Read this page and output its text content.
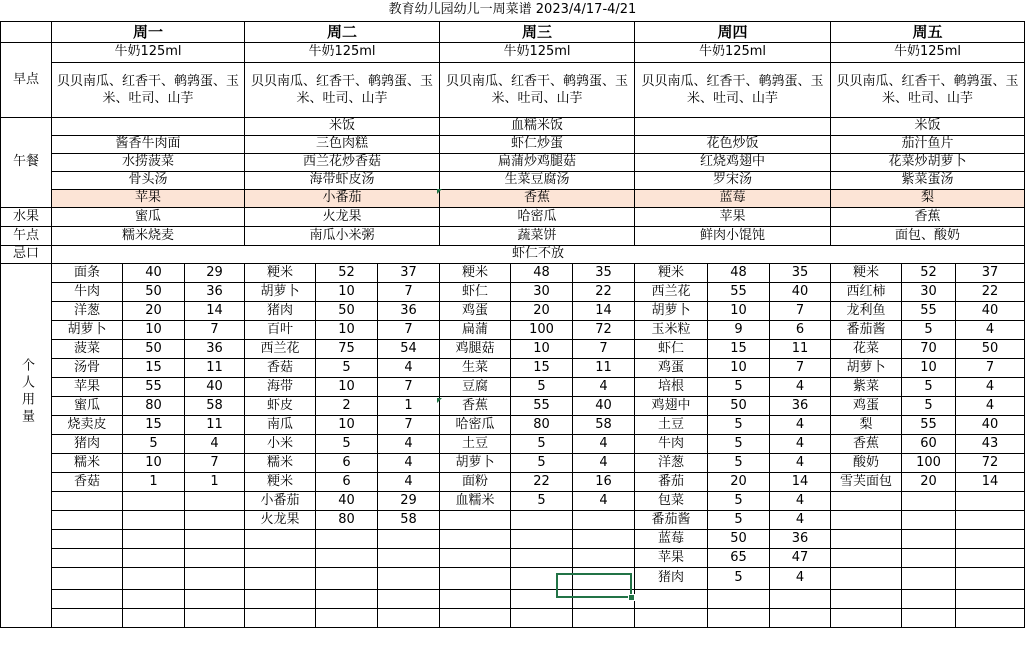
教育幼儿园幼儿一周菜谱 2023/4/17-4/21															
	周一			周二			周三			周四			周五		
早点	牛奶125ml			牛奶125ml			牛奶125ml			牛奶125ml			牛奶125ml		
	贝贝南瓜、红香干、鹌鹑蛋、玉米、吐司、山芋			贝贝南瓜、红香干、鹌鹑蛋、玉米、吐司、山芋			贝贝南瓜、红香干、鹌鹑蛋、玉米、吐司、山芋			贝贝南瓜、红香干、鹌鹑蛋、玉米、吐司、山芋			贝贝南瓜、红香干、鹌鹑蛋、玉米、吐司、山芋		
午餐				米饭			血糯米饭						米饭		
	酱香牛肉面			三色肉糕			虾仁炒蛋			花色炒饭			茄汁鱼片		
	水捞菠菜			西兰花炒香菇			扁蒲炒鸡腿菇			红烧鸡翅中			花菜炒胡萝卜		
	骨头汤			海带虾皮汤			生菜豆腐汤			罗宋汤			紫菜蛋汤		
	苹果			小番茄			香蕉			蓝莓			梨		
水果	蜜瓜			火龙果			哈密瓜			苹果			香蕉		
午点	糯米烧麦			南瓜小米粥			蔬菜饼			鲜肉小馄饨			面包、酸奶		
忌口	虾仁不放														

个人用量	面条	40	29	粳米	52	37	粳米	48	35	粳米	48	35	粳米	52	37
	牛肉	50	36	胡萝卜	10	7	虾仁	30	22	西兰花	55	40	西红柿	30	22
	洋葱	20	14	猪肉	50	36	鸡蛋	20	14	胡萝卜	10	7	龙利鱼	55	40
	胡萝卜	10	7	百叶	10	7	扁蒲	100	72	玉米粒	9	6	番茄酱	5	4
	菠菜	50	36	西兰花	75	54	鸡腿菇	10	7	虾仁	15	11	花菜	70	50
	汤骨	15	11	香菇	5	4	生菜	15	11	鸡蛋	10	7	胡萝卜	10	7
	苹果	55	40	海带	10	7	豆腐	5	4	培根	5	4	紫菜	5	4
	蜜瓜	80	58	虾皮	2	1	香蕉	55	40	鸡翅中	50	36	鸡蛋	5	4
	烧卖皮	15	11	南瓜	10	7	哈密瓜	80	58	土豆	5	4	梨	55	40
	猪肉	5	4	小米	5	4	土豆	5	4	牛肉	5	4	香蕉	60	43
	糯米	10	7	糯米	6	4	胡萝卜	5	4	洋葱	5	4	酸奶	100	72
	香菇	1	1	粳米	6	4	面粉	22	16	番茄	20	14	雪芙面包	20	14
				小番茄	40	29	血糯米	5	4	包菜	5	4			
				火龙果	80	58				番茄酱	5	4			
										蓝莓	50	36			
										苹果	65	47			
										猪肉	5	4			
